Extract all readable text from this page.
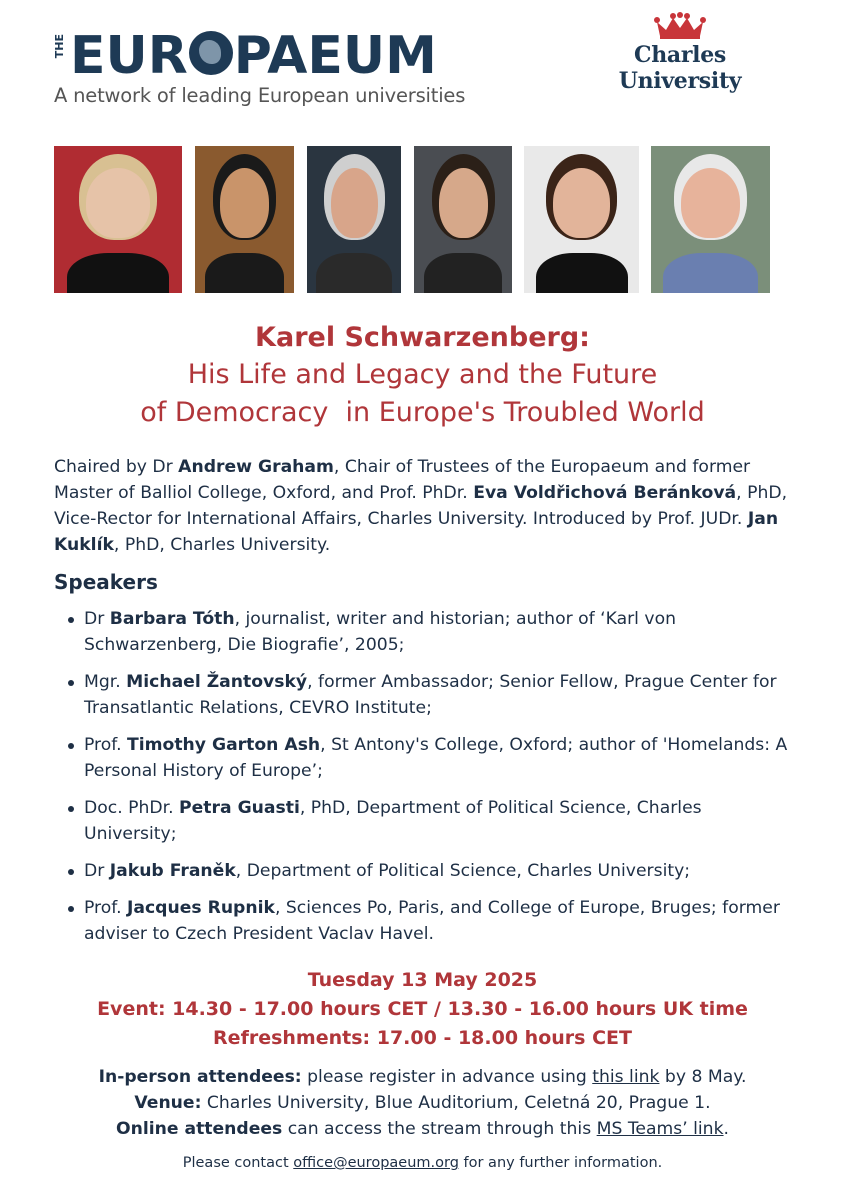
THE EUR PAEUM
A network of leading European universities
Charles
University
Karel Schwarzenberg:
His Life and Legacy and the Future
of Democracy  in Europe's Troubled World
Chaired by Dr Andrew Graham, Chair of Trustees of the Europaeum and former Master of Balliol College, Oxford, and Prof. PhDr. Eva Voldřichová Beránková, PhD, Vice-Rector for International Affairs, Charles University. Introduced by Prof. JUDr. Jan Kuklík, PhD, Charles University.
Speakers
Dr Barbara Tóth, journalist, writer and historian; author of ‘Karl von Schwarzenberg, Die Biografie’, 2005;
Mgr. Michael Žantovský, former Ambassador; Senior Fellow, Prague Center for Transatlantic Relations, CEVRO Institute;
Prof. Timothy Garton Ash, St Antony's College, Oxford; author of 'Homelands: A Personal History of Europe’;
Doc. PhDr. Petra Guasti, PhD, Department of Political Science, Charles University;
Dr Jakub Franěk, Department of Political Science, Charles University;
Prof. Jacques Rupnik, Sciences Po, Paris, and College of Europe, Bruges; former adviser to Czech President Vaclav Havel.
Tuesday 13 May 2025
Event: 14.30 - 17.00 hours CET / 13.30 - 16.00 hours UK time
Refreshments: 17.00 - 18.00 hours CET
In-person attendees: please register in advance using this link by 8 May.
Venue: Charles University, Blue Auditorium, Celetná 20, Prague 1.
Online attendees can access the stream through this MS Teams’ link.
Please contact office@europaeum.org for any further information.
